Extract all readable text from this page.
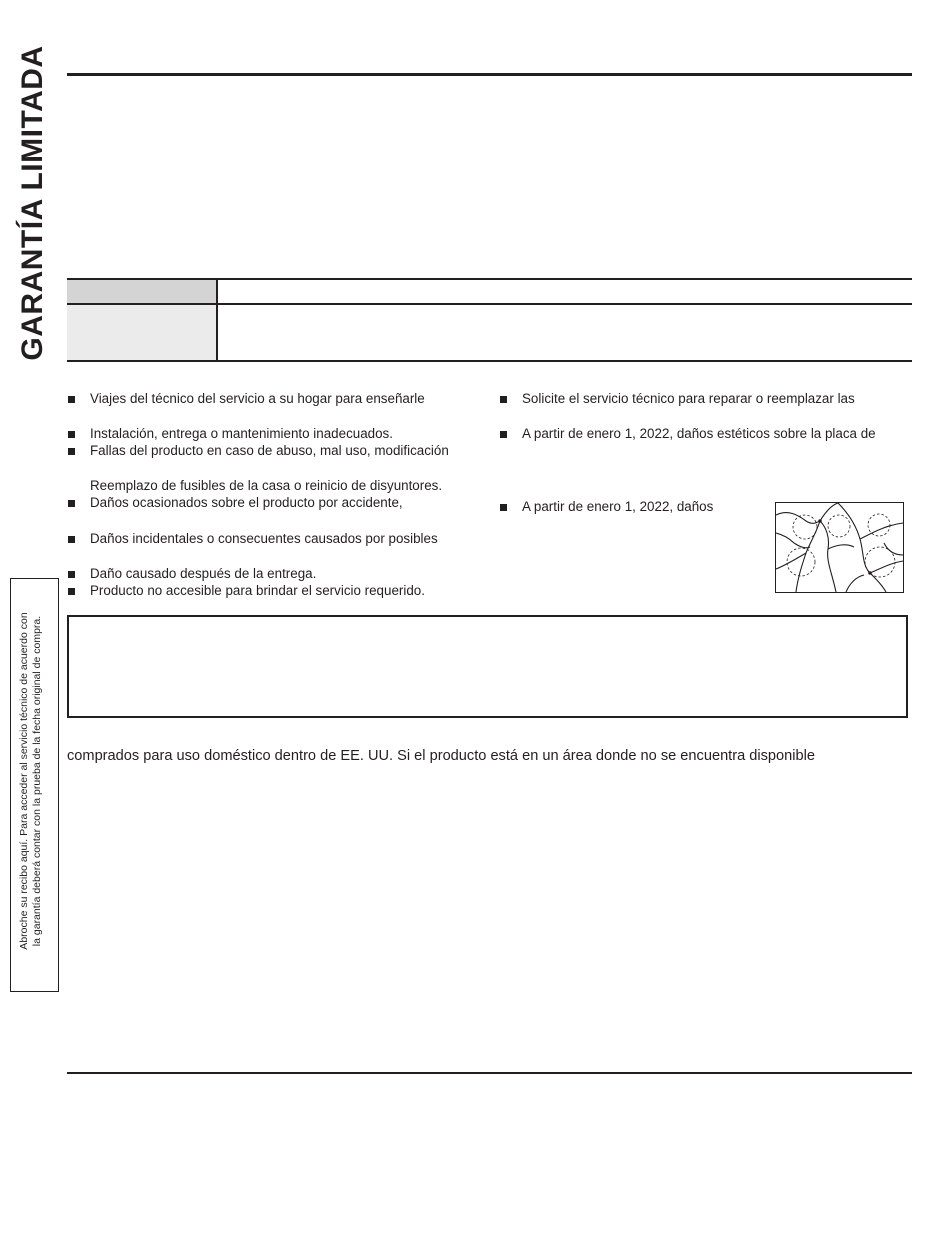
GARANTÍA LIMITADA
Viajes del técnico del servicio a su hogar para enseñarle
Instalación, entrega o mantenimiento inadecuados.
Fallas del producto en caso de abuso, mal uso, modificación
Reemplazo de fusibles de la casa o reinicio de disyuntores.
Daños ocasionados sobre el producto por accidente,
Daños incidentales o consecuentes causados por posibles
Daño causado después de la entrega.
Producto no accesible para brindar el servicio requerido.
Solicite el servicio técnico para reparar o reemplazar las
A partir de enero 1, 2022, daños estéticos sobre la placa de
A partir de enero 1, 2022, daños
comprados para uso doméstico dentro de EE. UU. Si el producto está en un área donde no se encuentra disponible
Abroche su recibo aquí. Para acceder al servicio técnico de acuerdo con la garantía deberá contar con la prueba de la fecha original de compra.
